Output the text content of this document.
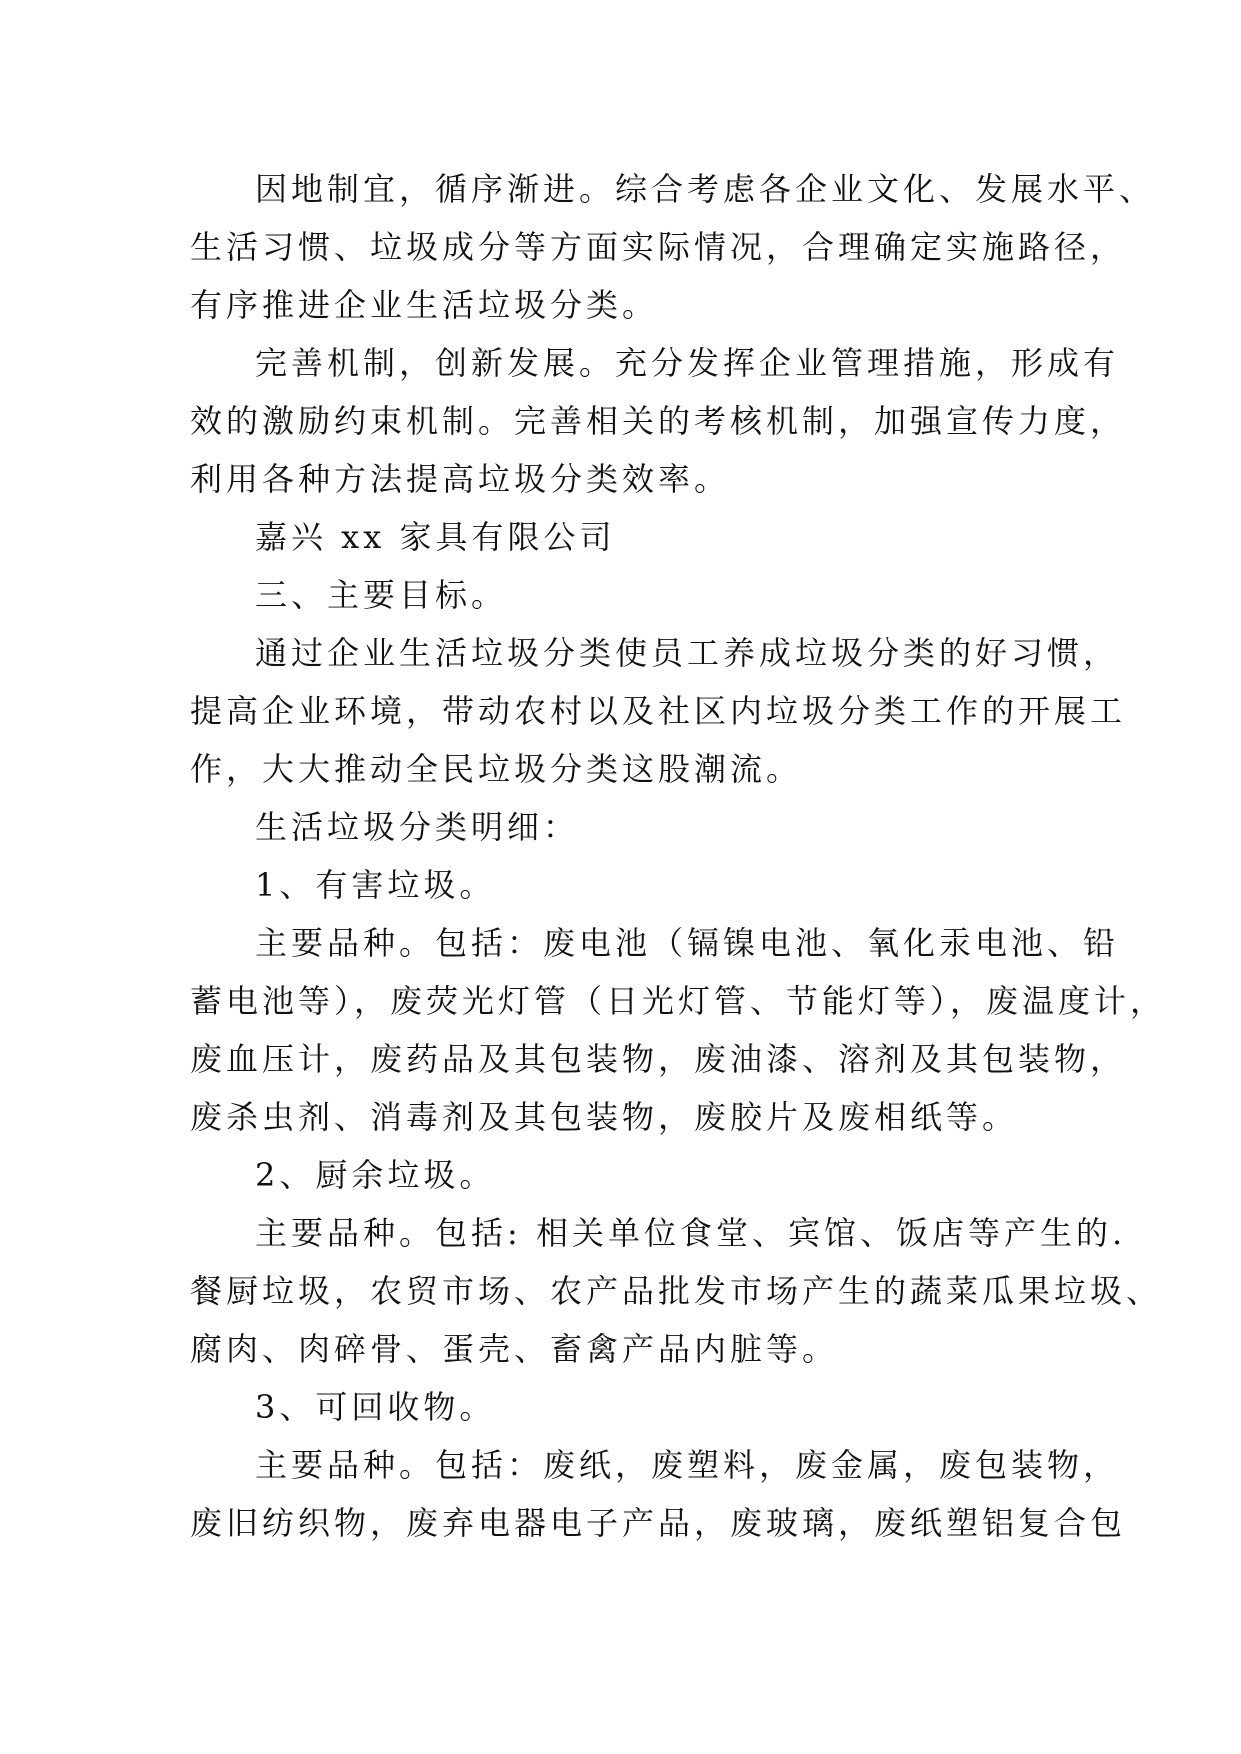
因地制宜，循序渐进。综合考虑各企业文化、发展水平、
生活习惯、垃圾成分等方面实际情况，合理确定实施路径，
有序推进企业生活垃圾分类。
完善机制，创新发展。充分发挥企业管理措施，形成有
效的激励约束机制。完善相关的考核机制，加强宣传力度，
利用各种方法提高垃圾分类效率。
嘉兴 xx 家具有限公司
三、主要目标。
通过企业生活垃圾分类使员工养成垃圾分类的好习惯，
提高企业环境，带动农村以及社区内垃圾分类工作的开展工
作，大大推动全民垃圾分类这股潮流。
生活垃圾分类明细：
1、有害垃圾。
主要品种。包括：废电池（镉镍电池、氧化汞电池、铅
蓄电池等），废荧光灯管（日光灯管、节能灯等），废温度计，
废血压计，废药品及其包装物，废油漆、溶剂及其包装物，
废杀虫剂、消毒剂及其包装物，废胶片及废相纸等。
2、厨余垃圾。
主要品种。包括: 相关单位食堂、宾馆、饭店等产生的.
餐厨垃圾，农贸市场、农产品批发市场产生的蔬菜瓜果垃圾、
腐肉、肉碎骨、蛋壳、畜禽产品内脏等。
3、可回收物。
主要品种。包括：废纸，废塑料，废金属，废包装物，
废旧纺织物，废弃电器电子产品，废玻璃，废纸塑铝复合包
